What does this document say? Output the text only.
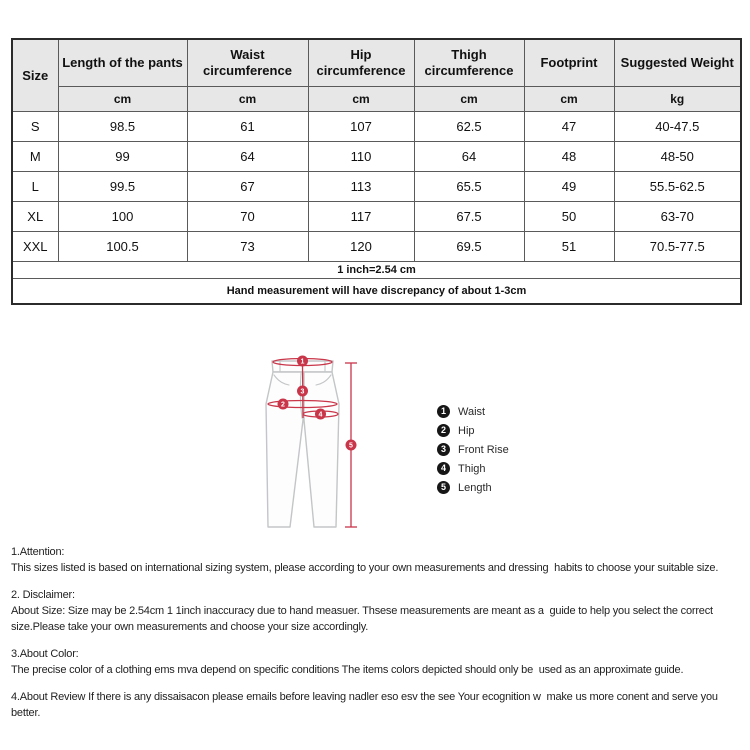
Size	Length of the pants	Waist circumference	Hip circumference	Thigh circumference	Footprint	Suggested Weight
	cm	cm	cm	cm	cm	kg
S	98.5	61	107	62.5	47	40-47.5
M	99	64	110	64	48	48-50
L	99.5	67	113	65.5	49	55.5-62.5
XL	100	70	117	67.5	50	63-70
XXL	100.5	73	120	69.5	51	70.5-77.5
1 inch=2.54 cm						
Hand measurement will have discrepancy of about 1-3cm						
1
2
3
4
5
1	Waist
2	Hip
3	Front Rise
4	Thigh
5	Length
1.Attention:
This sizes listed is based on international sizing system, please according to your own measurements and dressing  habits to choose your suitable size.
2. Disclaimer:
About Size: Size may be 2.54cm 1 1inch inaccuracy due to hand measuer. Thsese measurements are meant as a  guide to help you select the correct size.Please take your own measurements and choose your size accordingly.
3.About Color:
The precise color of a clothing ems mva depend on specific conditions The items colors depicted should only be  used as an approximate guide.
4.About Review If there is any dissaisacon please emails before leaving nadler eso esv the see Your ecognition w  make us more conent and serve you better.
